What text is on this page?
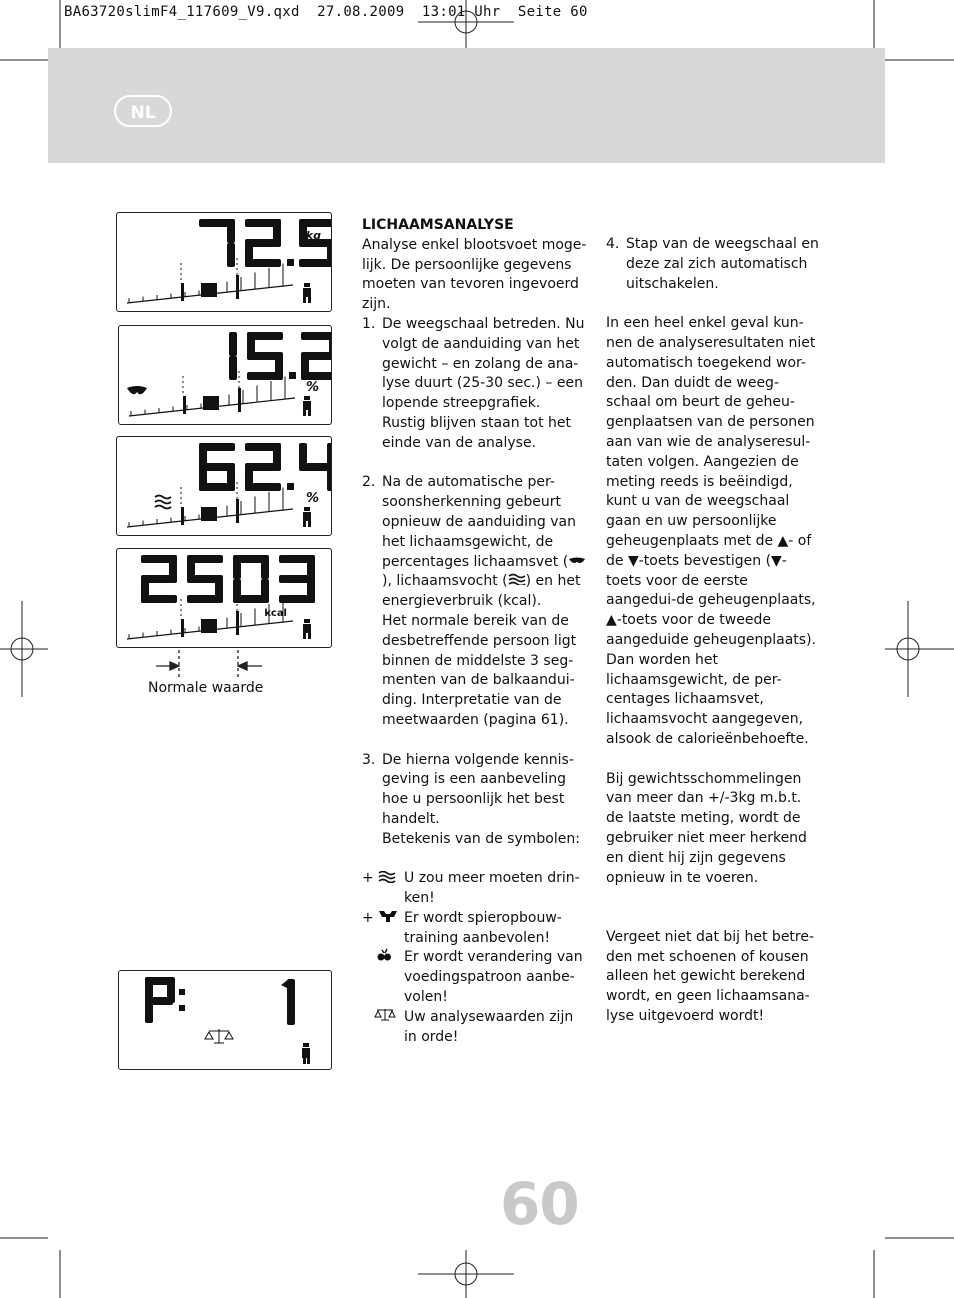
BA63720slimF4_117609_V9.qxd  27.08.2009  13:01 Uhr  Seite 60
NL
kg
%
%
kcal
Normale waarde

LICHAAMSANALYSE

Analyse enkel blootsvoet moge-lijk. De persoonlijke gegevens moeten van tevoren ingevoerd zijn.

1. De weegschaal betreden. Nu volgt de aanduiding van het gewicht – en zolang de ana-lyse duurt (25-30 sec.) – een lopende streepgrafiek. Rustig blijven staan tot het einde van de analyse.

2. Na de automatische per-soonsherkenning gebeurt opnieuw de aanduiding van het lichaamsgewicht, de percentages lichaamsvet (), lichaamsvocht ( ) en het energieverbruik (kcal).

Het normale bereik van de desbetreffende persoon ligt binnen de middelste 3 seg-menten van de balkaandui-ding. Interpretatie van de meetwaarden (pagina 61).

3. De hierna volgende kennis-geving is een aanbeveling hoe u persoonlijk het best handelt.

Betekenis van de symbolen:

+	U zou meer moeten drin-ken!

+	Er wordt spieropbouw-training aanbevolen!

Er wordt verandering van voedingspatroon aanbe-volen!

Uw analysewaarden zijn in orde!

4. Stap van de weegschaal en deze zal zich automatisch uitschakelen.

In een heel enkel geval kun-nen de analyseresultaten niet automatisch toegekend wor-den. Dan duidt de weeg-schaal om beurt de geheu-genplaatsen van de personen aan van wie de analyseresul-taten volgen. Aangezien de meting reeds is beëindigd, kunt u van de weegschaal gaan en uw persoonlijke geheugenplaats met de ▲- of de ▼-toets bevestigen (▼-toets voor de eerste aangedui-de geheugenplaats, ▲-toets voor de tweede aangeduide geheugenplaats). Dan worden het lichaamsgewicht, de per-centages lichaamsvet, lichaamsvocht aangegeven, alsook de calorieënbehoefte.

Bij gewichtsschommelingen van meer dan +/-3kg m.b.t. de laatste meting, wordt de gebruiker niet meer herkend en dient hij zijn gegevens opnieuw in te voeren.

Vergeet niet dat bij het betre-den met schoenen of kousen alleen het gewicht berekend wordt, en geen lichaamsana-lyse uitgevoerd wordt!

60
